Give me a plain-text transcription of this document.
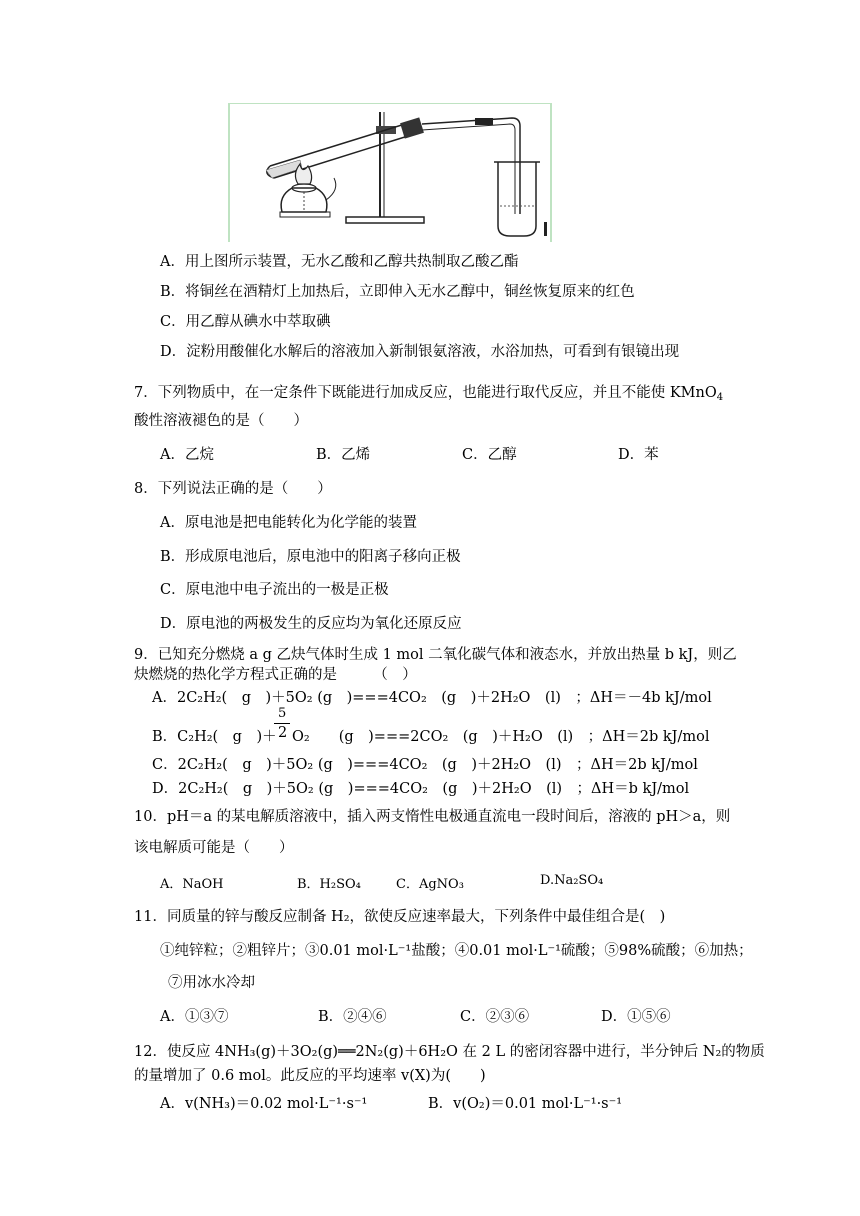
A．用上图所示装置，无水乙酸和乙醇共热制取乙酸乙酯
B．将铜丝在酒精灯上加热后，立即伸入无水乙醇中，铜丝恢复原来的红色
C．用乙醇从碘水中萃取碘
D．淀粉用酸催化水解后的溶液加入新制银氨溶液，水浴加热，可看到有银镜出现
7．下列物质中，在一定条件下既能进行加成反应，也能进行取代反应，并且不能使 KMnO$_4$
酸性溶液褪色的是（　　）
A．乙烷	B．乙烯	C．乙醇	D．苯
8．下列说法正确的是（　　）
A．原电池是把电能转化为化学能的装置
B．形成原电池后，原电池中的阳离子移向正极
C．原电池中电子流出的一极是正极
D．原电池的两极发生的反应均为氧化还原反应
9．已知充分燃烧 a g 乙炔气体时生成 1 mol 二氧化碳气体和液态水，并放出热量 b kJ，则乙
炔燃烧的热化学方程式正确的是　　　（　）
A．2C₂H₂(　g　)＋5O₂ (g　)===4CO₂　(g　)＋2H₂O　(l)　；ΔH＝－4b kJ/mol
B．C₂H₂(　g　)＋
5
2 O₂　　(g　)===2CO₂　(g　)＋H₂O　(l)　；ΔH＝2b kJ/mol
C．2C₂H₂(　g　)＋5O₂ (g　)===4CO₂　(g　)＋2H₂O　(l)　；ΔH＝2b kJ/mol
D．2C₂H₂(　g　)＋5O₂ (g　)===4CO₂　(g　)＋2H₂O　(l)　；ΔH＝b kJ/mol
10．pH＝a 的某电解质溶液中，插入两支惰性电极通直流电一段时间后，溶液的 pH＞a，则
该电解质可能是（　　）
A．NaOH	B．H₂SO₄	C．AgNO₃	D.Na₂SO₄
11．同质量的锌与酸反应制备 H₂，欲使反应速率最大，下列条件中最佳组合是(　)
①纯锌粒；②粗锌片；③0.01 mol·L⁻¹盐酸；④0.01 mol·L⁻¹硫酸；⑤98%硫酸；⑥加热；
⑦用冰水冷却
A．①③⑦	B．②④⑥	C．②③⑥	D．①⑤⑥
12．使反应 4NH₃(g)＋3O₂(g)══2N₂(g)＋6H₂O 在 2 L 的密闭容器中进行，半分钟后 N₂的物质
的量增加了 0.6 mol。此反应的平均速率 v(X)为(　　)
A．v(NH₃)＝0.02 mol·L⁻¹·s⁻¹	B．v(O₂)＝0.01 mol·L⁻¹·s⁻¹
